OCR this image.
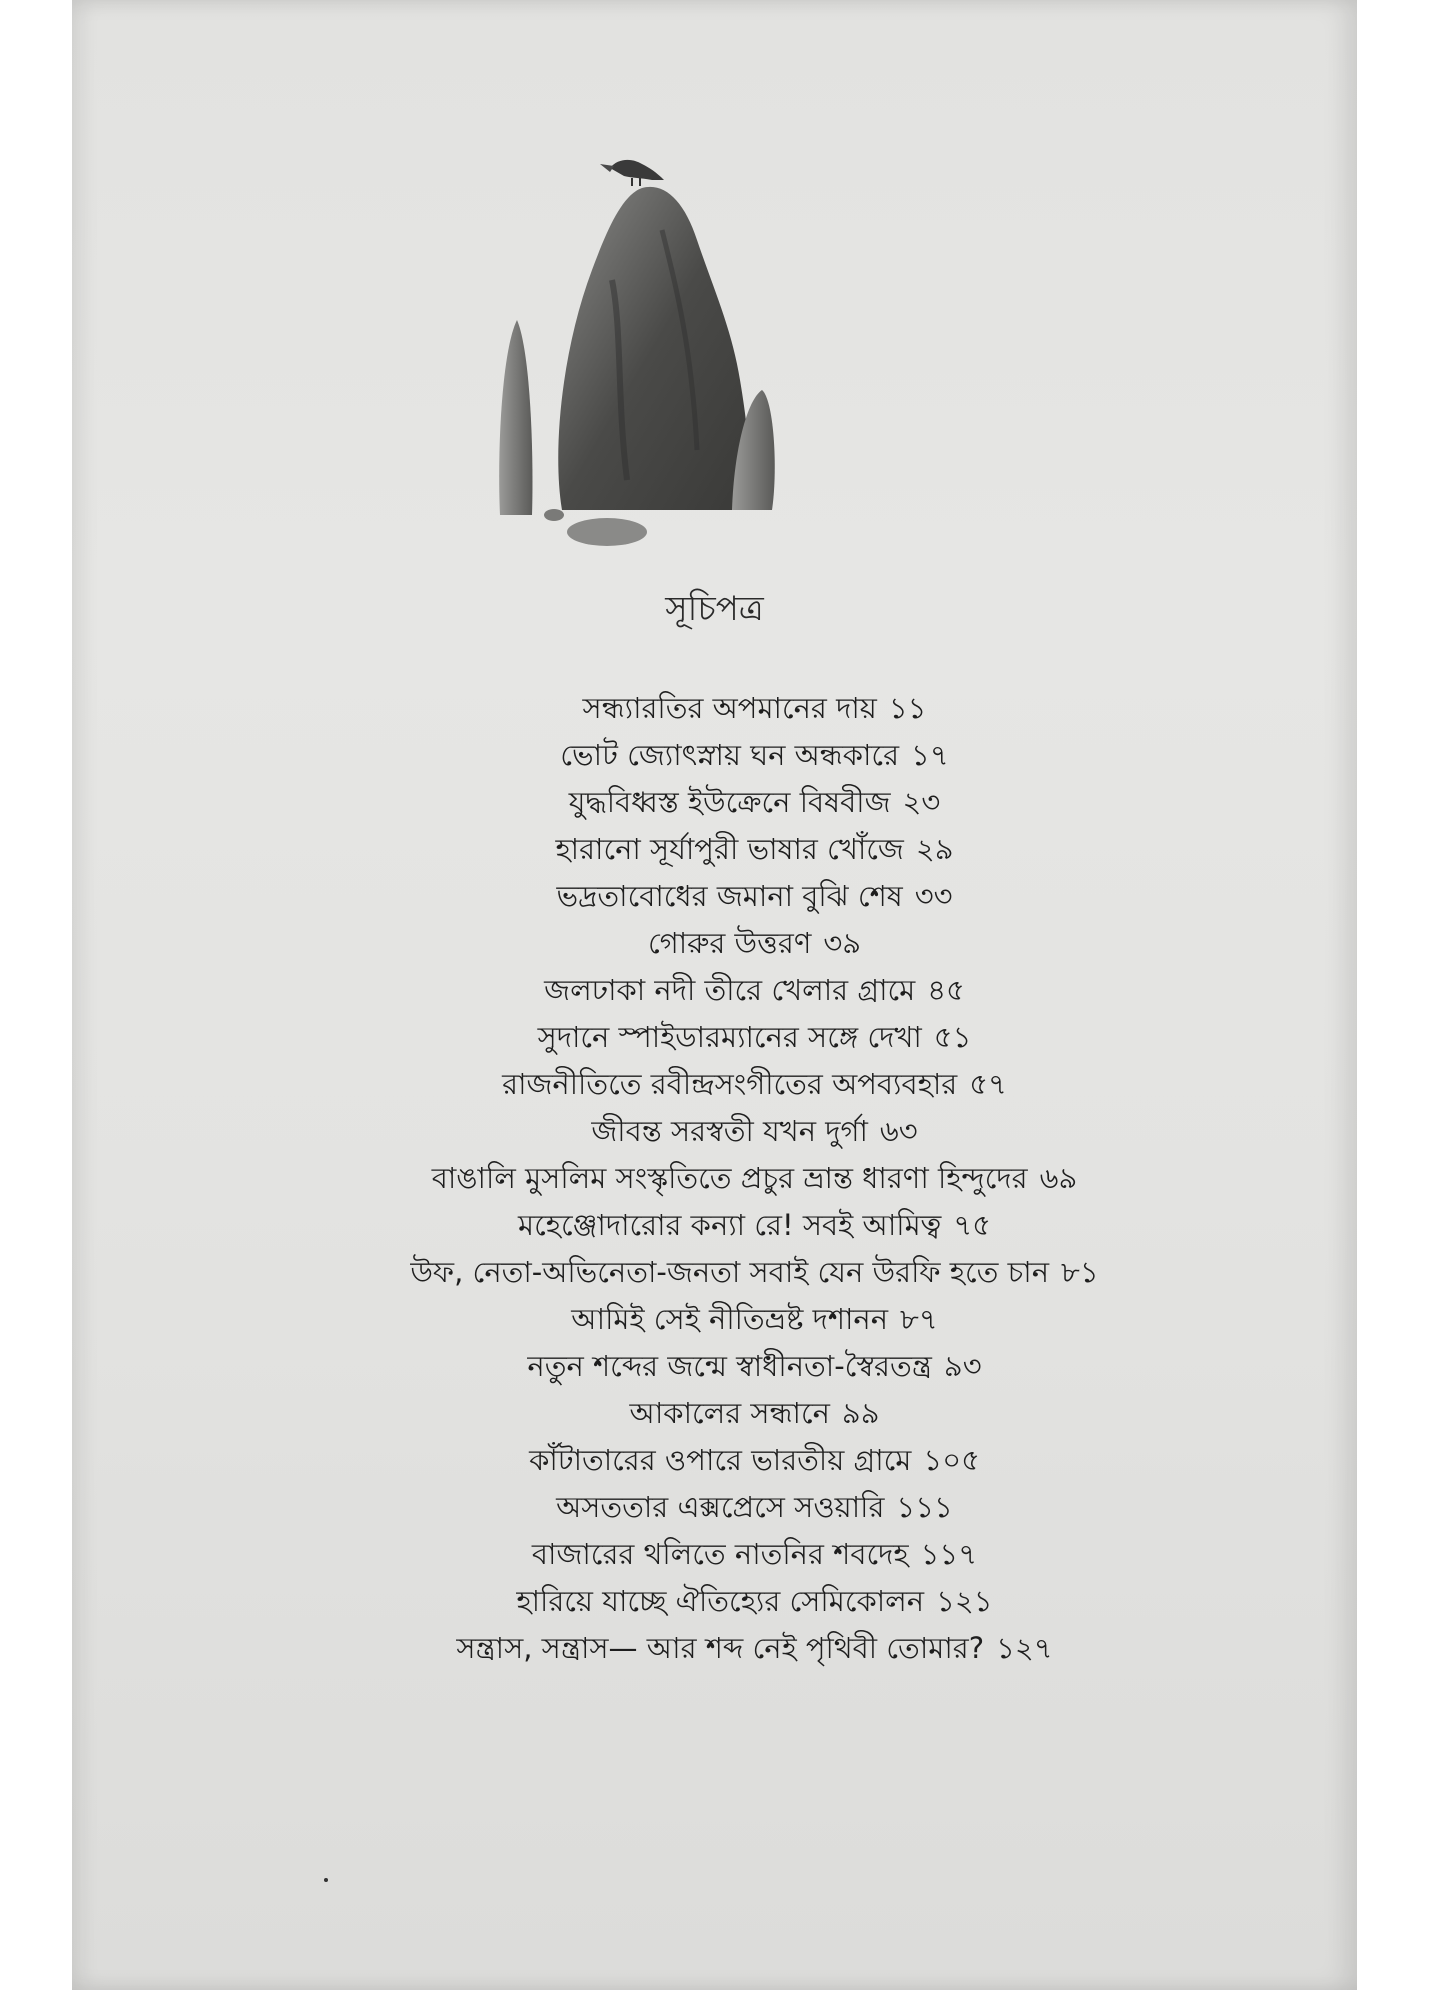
সূচিপত্র
সন্ধ্যারতির অপমানের দায় ১১
ভোট জ্যোৎস্নায় ঘন অন্ধকারে ১৭
যুদ্ধবিধ্বস্ত ইউক্রেনে বিষবীজ ২৩
হারানো সূর্যাপুরী ভাষার খোঁজে ২৯
ভদ্রতাবোধের জমানা বুঝি শেষ ৩৩
গোরুর উত্তরণ ৩৯
জলঢাকা নদী তীরে খেলার গ্রামে ৪৫
সুদানে স্পাইডারম্যানের সঙ্গে দেখা ৫১
রাজনীতিতে রবীন্দ্রসংগীতের অপব্যবহার ৫৭
জীবন্ত সরস্বতী যখন দুর্গা ৬৩
বাঙালি মুসলিম সংস্কৃতিতে প্রচুর ভ্রান্ত ধারণা হিন্দুদের ৬৯
মহেঞ্জোদারোর কন্যা রে! সবই আমিত্ব ৭৫
উফ, নেতা-অভিনেতা-জনতা সবাই যেন উরফি হতে চান ৮১
আমিই সেই নীতিভ্রষ্ট দশানন ৮৭
নতুন শব্দের জন্মে স্বাধীনতা-স্বৈরতন্ত্র ৯৩
আকালের সন্ধানে ৯৯
কাঁটাতারের ওপারে ভারতীয় গ্রামে ১০৫
অসততার এক্সপ্রেসে সওয়ারি ১১১
বাজারের থলিতে নাতনির শবদেহ ১১৭
হারিয়ে যাচ্ছে ঐতিহ্যের সেমিকোলন ১২১
সন্ত্রাস, সন্ত্রাস— আর শব্দ নেই পৃথিবী তোমার? ১২৭
